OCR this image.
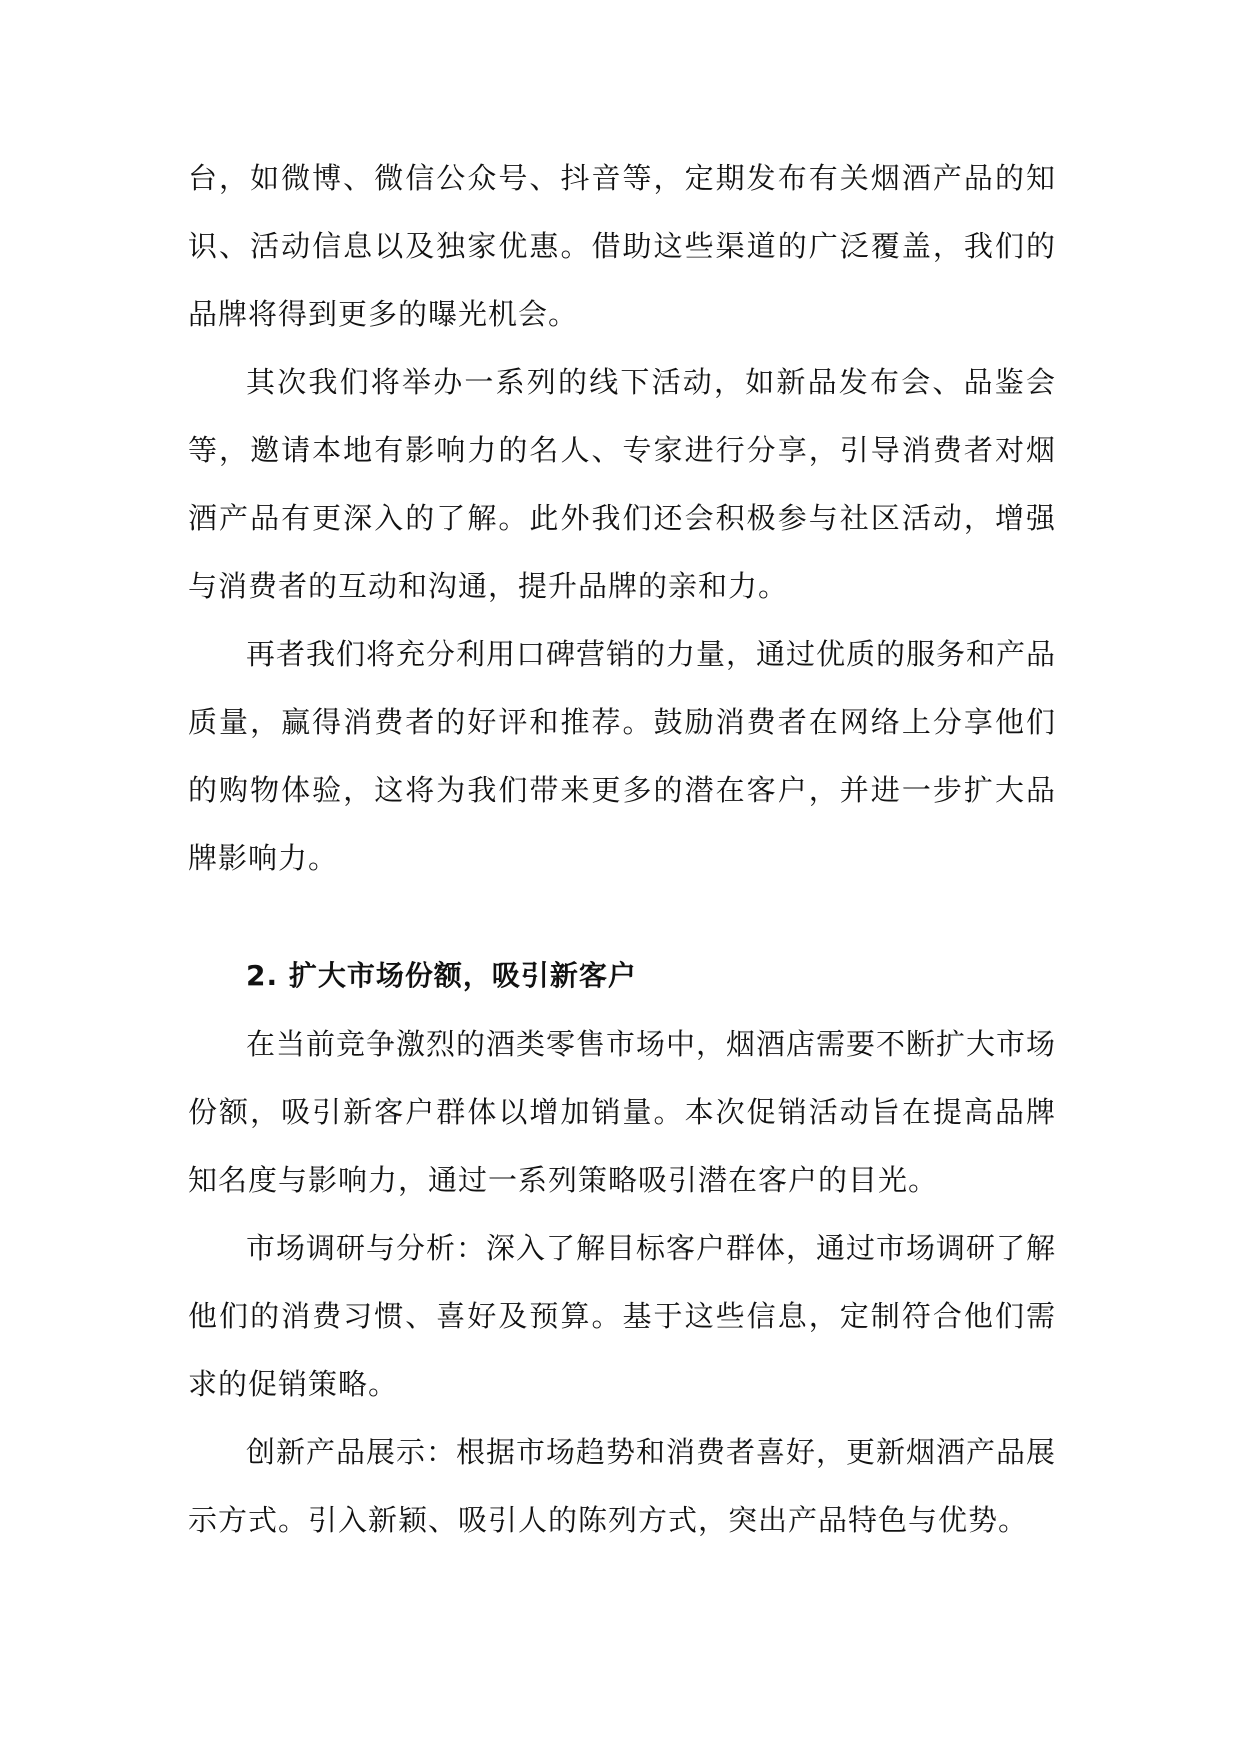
台，如微博、微信公众号、抖音等，定期发布有关烟酒产品的知识、活动信息以及独家优惠。借助这些渠道的广泛覆盖，我们的品牌将得到更多的曝光机会。

其次我们将举办一系列的线下活动，如新品发布会、品鉴会等，邀请本地有影响力的名人、专家进行分享，引导消费者对烟酒产品有更深入的了解。此外我们还会积极参与社区活动，增强与消费者的互动和沟通，提升品牌的亲和力。

再者我们将充分利用口碑营销的力量，通过优质的服务和产品质量，赢得消费者的好评和推荐。鼓励消费者在网络上分享他们的购物体验，这将为我们带来更多的潜在客户，并进一步扩大品牌影响力。

2. 扩大市场份额，吸引新客户

在当前竞争激烈的酒类零售市场中，烟酒店需要不断扩大市场份额，吸引新客户群体以增加销量。本次促销活动旨在提高品牌知名度与影响力，通过一系列策略吸引潜在客户的目光。

市场调研与分析：深入了解目标客户群体，通过市场调研了解他们的消费习惯、喜好及预算。基于这些信息，定制符合他们需求的促销策略。

创新产品展示：根据市场趋势和消费者喜好，更新烟酒产品展示方式。引入新颖、吸引人的陈列方式，突出产品特色与优势。
